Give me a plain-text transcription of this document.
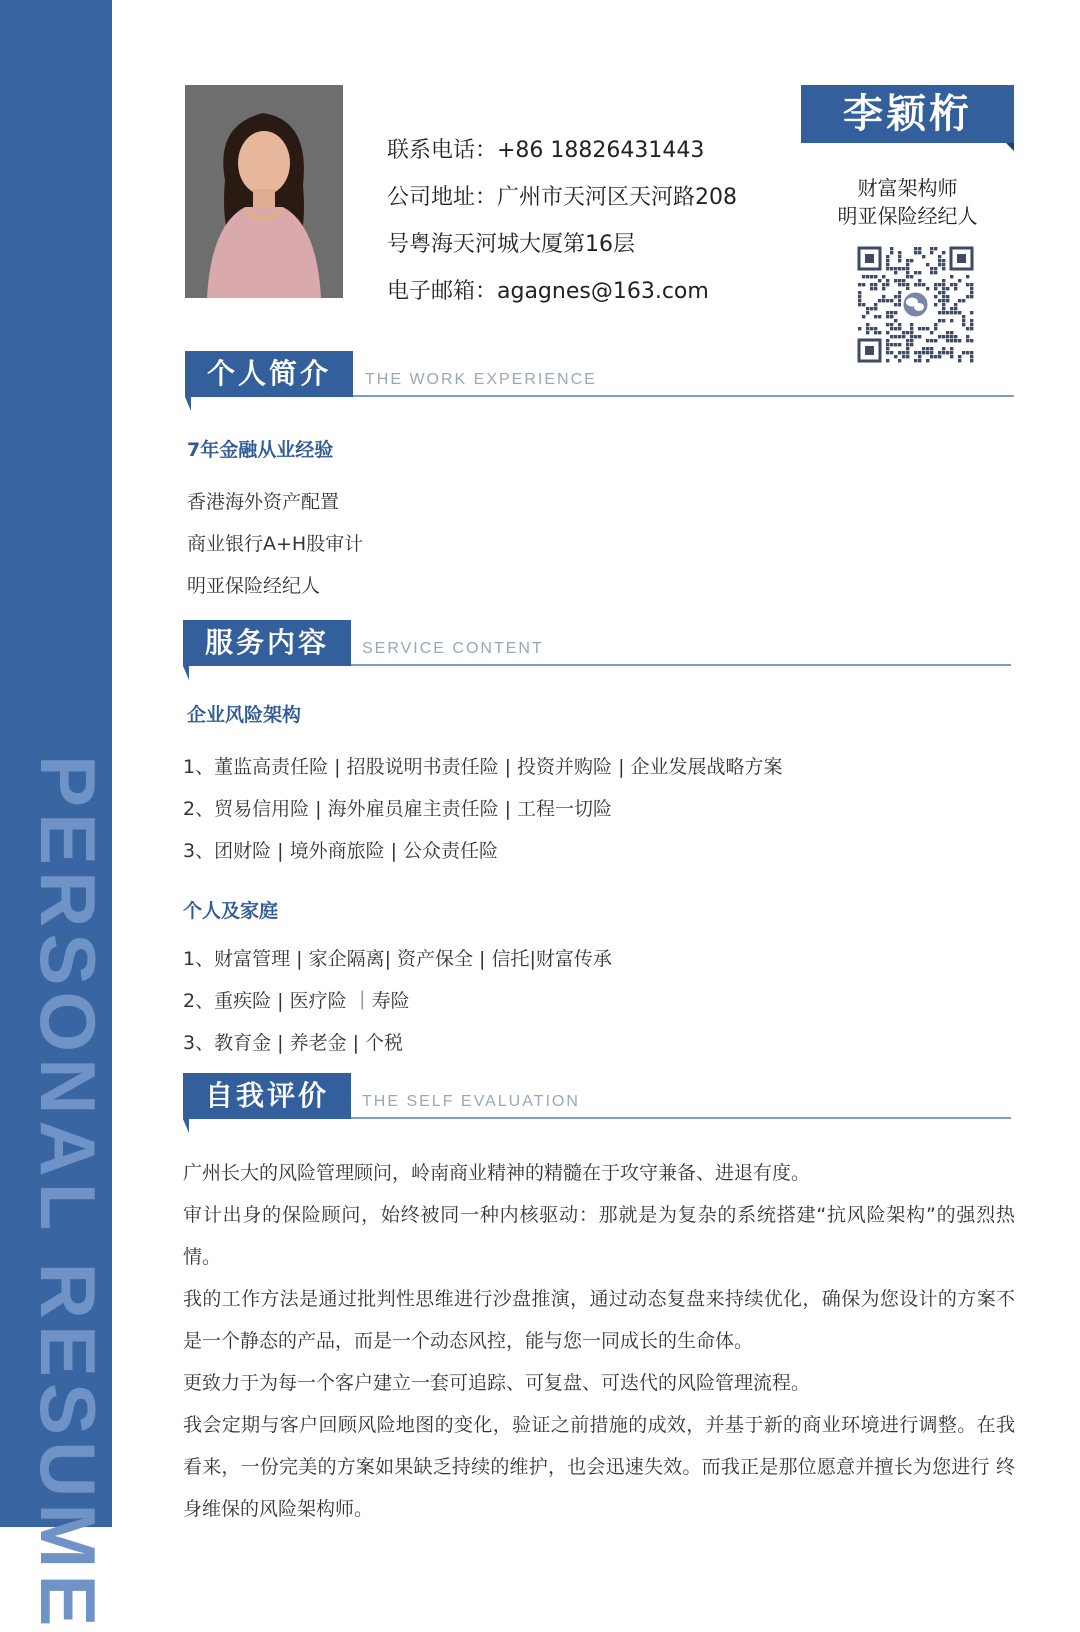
PERSONAL RESUME
联系电话：+86 18826431443
公司地址：广州市天河区天河路208
号粤海天河城大厦第16层
电子邮箱：agagnes@163.com
李颖桁
财富架构师
明亚保险经纪人
个人简介	THE WORK EXPERIENCE
7年金融从业经验
香港海外资产配置
商业银行A+H股审计
明亚保险经纪人
服务内容	SERVICE CONTENT
企业风险架构
1、董监高责任险 | 招股说明书责任险 | 投资并购险 | 企业发展战略方案
2、贸易信用险 | 海外雇员雇主责任险 | 工程一切险
3、团财险 | 境外商旅险 | 公众责任险
个人及家庭
1、财富管理 | 家企隔离| 资产保全 | 信托|财富传承
2、重疾险 | 医疗险 ｜寿险
3、教育金 | 养老金 | 个税
自我评价	THE SELF EVALUATION

广州长大的风险管理顾问，岭南商业精神的精髓在于攻守兼备、进退有度。

审计出身的保险顾问，始终被同一种内核驱动：那就是为复杂的系统搭建“抗风险架构”的强烈热情。

我的工作方法是通过批判性思维进行沙盘推演，通过动态复盘来持续优化，确保为您设计的方案不是一个静态的产品，而是一个动态风控，能与您一同成长的生命体。

更致力于为每一个客户建立一套可追踪、可复盘、可迭代的风险管理流程。

我会定期与客户回顾风险地图的变化，验证之前措施的成效，并基于新的商业环境进行调整。在我看来，一份完美的方案如果缺乏持续的维护，也会迅速失效。而我正是那位愿意并擅长为您进行 终身维保的风险架构师。
